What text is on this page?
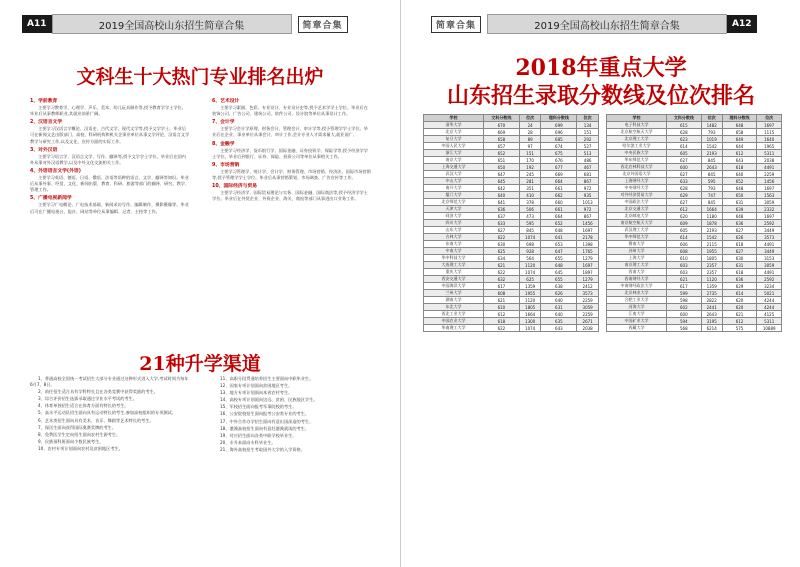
A11	2019全国高校山东招生简章合集	简章合集
文科生十大热门专业排名出炉
1、学前教育

主要学习教育学、心理学、声乐、美术、幼儿玩具制作等,授予教育学学士学位。毕业后从事教师职业,其就业前景广阔。

2、汉语言文学

主要学习汉语言学概论、汉语史、古代文学、现代文学等,授予文学学士。毕业后可在新闻文艺出版部门、高校、科研机构和机关企事业单位从事文学评论、汉语言文学教学与研究工作,以及文化、宣传方面的实际工作。

3、对外汉语

主要学习语言学、汉语言文学、写作、翻译等,授予文学学士学位。毕业后在国内外从事对外汉语教学,以及中外文化交流相关工作。

4、外语语言文学(外语)

主要学习英语、德语、日语、俄语、法语等语种的语言、文学、翻译等知识。毕业后从事外事、经贸、文化、新闻出版、教育、科研、旅游等部门的翻译、研究、教学、管理工作。

5、广播电视新闻学

主要学习广电概论、广电技术基础、新闻采访写作、编辑制作、摄影摄像等。毕业后可在广播电视台、报社、网站等单位从事编辑、记者、主持等工作。

6、艺术设计

主要学习素描、色彩、专业设计、专业设计史等,授予艺术学学士学位。毕业后在装饰公司、广告公司、建筑公司、软件公司、设计院等单位从事设计工作。

7、会计学

主要学习会计学原理、财务会计、管理会计、审计学等,授予管理学学士学位。毕业后在企业、事业单位从事会计、审计工作,会计专业人才需求量大,就业面广。

8、金融学

主要学习经济学、货币银行学、国际金融、证券投资学、保险学等,授予经济学学士学位。毕业后到银行、证券、保险、投资公司等单位从事相关工作。

9、市场营销

主要学习管理学、统计学、会计学、财务管理、市场营销、经济法、国际市场营销等,授予管理学学士学位。毕业后从事营销策划、市场调查、广告宣传等工作。

10、国际经济与贸易

主要学习经济学、国际贸易理论与实务、国际金融、国际商法等,授予经济学学士学位。毕业后在外贸企业、外资企业、海关、商检等部门从事进出口业务工作。

21种升学渠道

1、普通高校全国统一考试招生大部分专业通过这种形式进入大学,考试时间为每年6月7、8日。

2、前往招生适合具有学科特长且在各类竞赛中获得奖励的考生。

3、综合评价招生选拔录取通过学业水平考试的考生。

4、体育单独招生适合在体育方面有特长的考生。

5、高水平运动队招生面向具有运动特长的考生,参加高校组织的专项测试。

6、艺术类招生面向具有美术、音乐、舞蹈等艺术特长的考生。

7、保送生面向获得国际奥赛奖牌的考生。

8、免费医学生定向招生面向农村生源考生。

9、民族预科班面向少数民族考生。

10、农村专项计划面向农村及贫困地区考生。

11、高职分段贯通培养招生主要面向中职毕业生。

12、国家专项计划面向贫困地区考生。

13、地方专项计划面向本省农村考生。

14、高校专项计划面向边远、贫困、民族地区学生。

15、军校招生面向报考军事院校的考生。

16、公安院校招生面向报考公安类专业的考生。

17、中外合作办学招生面向有意出国深造的考生。

18、港澳高校招生面向有意赴港澳就读的考生。

19、对应招生面向各类中职学校毕业生。

20、专升本面向专科毕业生。

21、海外高校招生考取国外大学的入学资格。

简章合集	2019全国高校山东招生简章合集	A12
2018年重点大学
山东招生录取分数线及位次排名
学校	文科分数线	位次	理科分数线	位次
清华大学	670	24	699	134
北京大学	669	28	696	151
复旦大学	658	89	685	292
中国人民大学	657	97	674	527
浙江大学	652	151	675	513
南京大学	651	170	676	486
上海交通大学	650	192	677	467
武汉大学	647	245	669	681
中山大学	645	281	664	867
南开大学	642	351	661	972
厦门大学	640	410	662	935
北京师范大学	641	378	660	1013
天津大学	636	506	661	972
同济大学	637	473	664	867
四川大学	633	595	652	1456
山东大学	627	845	648	1697
吉林大学	622	1074	641	2178
东南大学	630	698	653	1398
中南大学	625	928	647	1765
华中科技大学	634	564	655	1279
大连理工大学	621	1120	648	1697
重庆大学	622	1074	645	1897
西安交通大学	632	625	655	1279
中国海洋大学	617	1359	638	2412
兰州大学	608	1955	626	3573
湖南大学	621	1120	640	2259
东北大学	610	1805	631	3059
西北工业大学	612	1664	640	2259
中国农业大学	618	1300	635	2671
华南理工大学	622	1074	643	2038
学校	文科分数线	位次	理科分数线	位次
电子科技大学	615	1482	648	1697
北京航空航天大学	628	793	658	1115
北京理工大学	623	1019	649	1640
哈尔滨工业大学	614	1542	644	1965
中央民族大学	605	2193	612	5311
华东师范大学	627	845	643	2038
西北农林科技大学	600	2643	618	4491
北京外国语大学	627	845	640	2259
上海财经大学	633	595	652	1456
中央财经大学	628	793	648	1697
对外经济贸易大学	629	747	650	1563
中国政法大学	627	845	631	3059
北京交通大学	612	1664	639	2332
北京邮电大学	620	1180	648	1697
南京航空航天大学	609	1878	636	2592
武汉理工大学	605	2193	627	3449
华中师范大学	614	1542	626	3573
暨南大学	606	2115	618	4491
苏州大学	608	1955	627	3449
上海大学	610	1805	630	3153
南京理工大学	603	2357	631	3059
西南大学	603	2357	618	4491
西南财经大学	621	1120	636	2592
中南财经政法大学	617	1359	629	3234
北京林业大学	599	2735	614	5021
合肥工业大学	598	2822	620	4244
河海大学	602	2441	620	4244
江南大学	600	2643	621	4125
中国矿业大学	594	3195	612	5311
西藏大学	568	6214	575	10889
